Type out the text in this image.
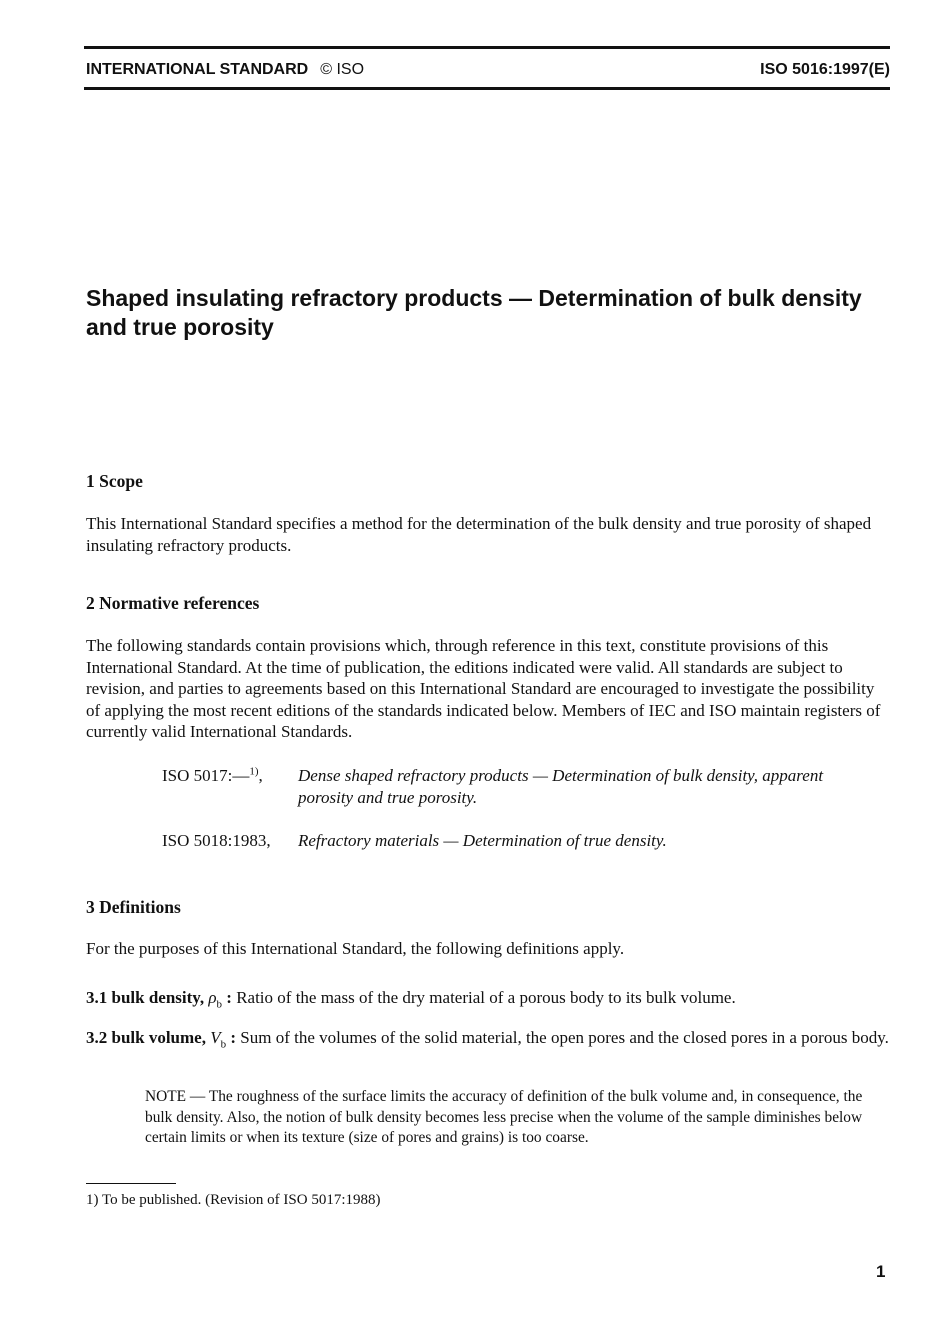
INTERNATIONAL STANDARD © ISO	ISO 5016:1997(E)
Shaped insulating refractory products — Determination of bulk density and true porosity
1 Scope

This International Standard specifies a method for the determination of the bulk density and true porosity of shaped insulating refractory products.

2 Normative references

The following standards contain provisions which, through reference in this text, constitute provisions of this International Standard. At the time of publication, the editions indicated were valid. All standards are subject to revision, and parties to agreements based on this International Standard are encouraged to investigate the possibility of applying the most recent editions of the standards indicated below. Members of IEC and ISO maintain registers of currently valid International Standards.

ISO 5017:—$^{1)}$,	Dense shaped refractory products — Determination of bulk density, apparent porosity and true porosity.
ISO 5018:1983,	Refractory materials — Determination of true density.
3 Definitions

For the purposes of this International Standard, the following definitions apply.

3.1 bulk density, $\rho_b$ : Ratio of the mass of the dry material of a porous body to its bulk volume.

3.2 bulk volume, $V_b$ : Sum of the volumes of the solid material, the open pores and the closed pores in a porous body.

NOTE — The roughness of the surface limits the accuracy of definition of the bulk volume and, in consequence, the bulk density. Also, the notion of bulk density becomes less precise when the volume of the sample diminishes below certain limits or when its texture (size of pores and grains) is too coarse.

1) To be published. (Revision of ISO 5017:1988)

1
